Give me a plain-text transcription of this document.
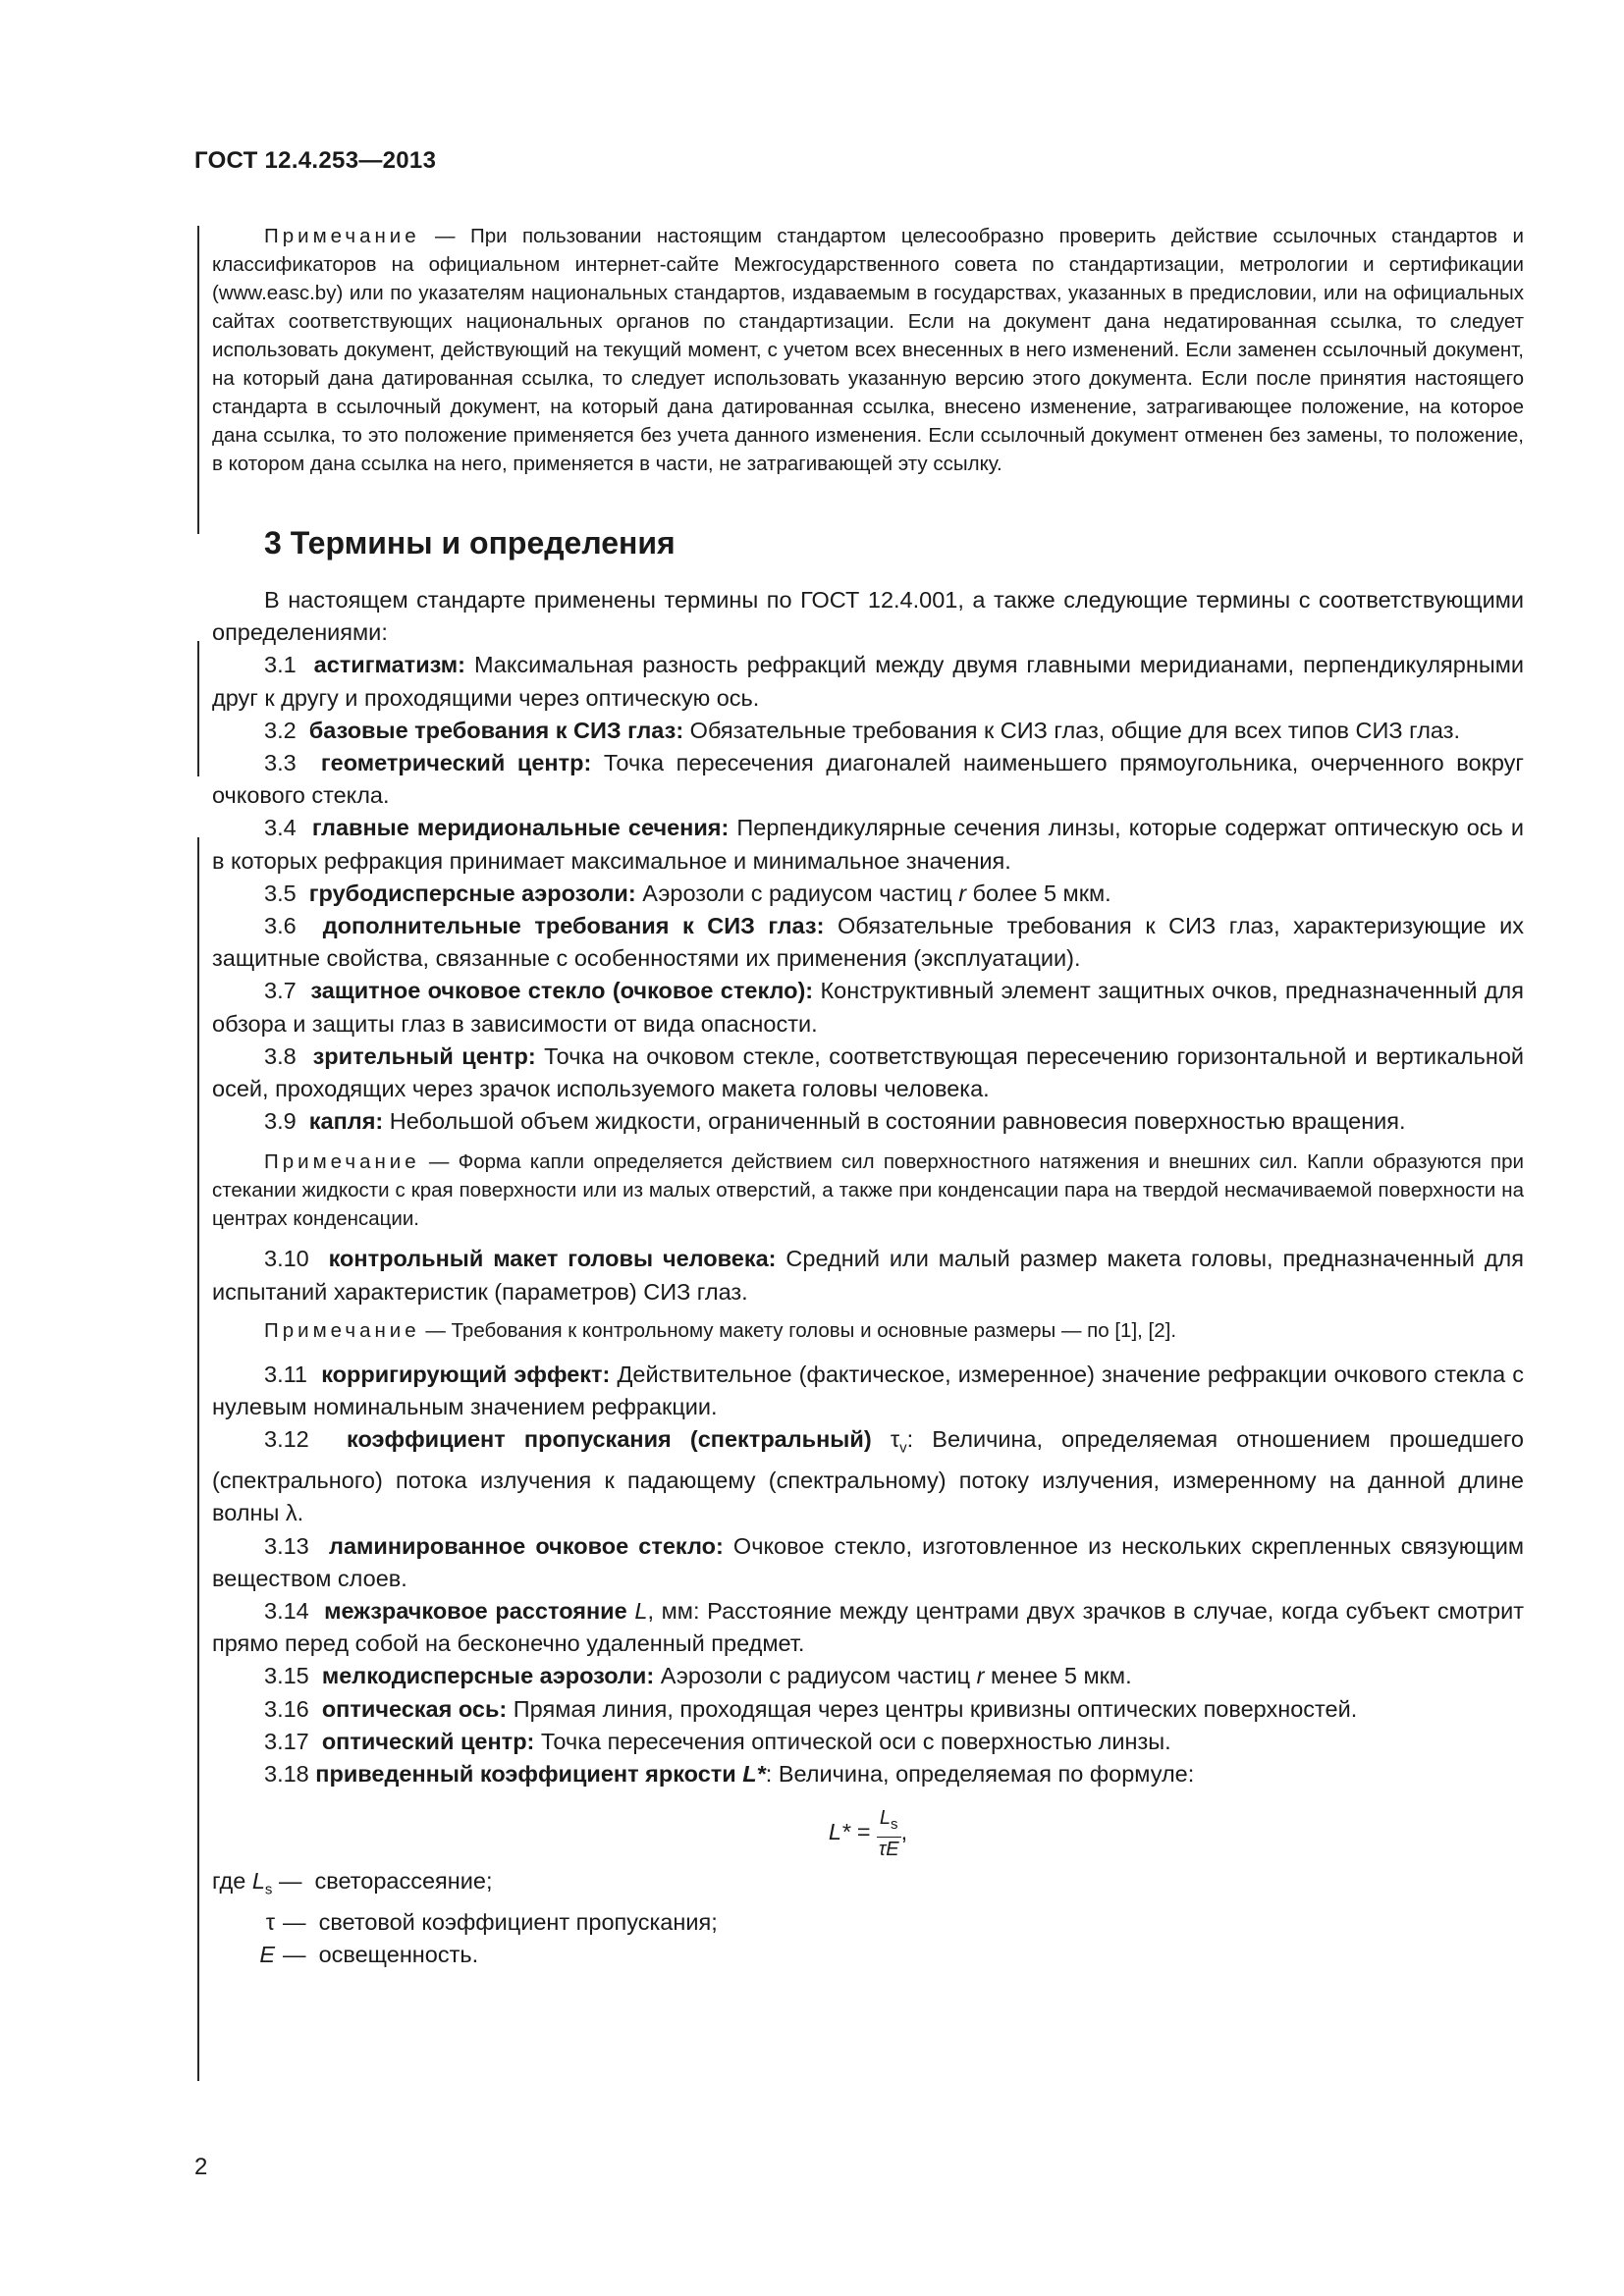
ГОСТ 12.4.253—2013

Примечание — При пользовании настоящим стандартом целесообразно проверить действие ссылочных стандартов и классификаторов на официальном интернет-сайте Межгосударственного совета по стандартизации, метрологии и сертификации (www.easc.by) или по указателям национальных стандартов, издаваемым в государствах, указанных в предисловии, или на официальных сайтах соответствующих национальных органов по стандартизации. Если на документ дана недатированная ссылка, то следует использовать документ, действующий на текущий момент, с учетом всех внесенных в него изменений. Если заменен ссылочный документ, на который дана датированная ссылка, то следует использовать указанную версию этого документа. Если после принятия настоящего стандарта в ссылочный документ, на который дана датированная ссылка, внесено изменение, затрагивающее положение, на которое дана ссылка, то это положение применяется без учета данного изменения. Если ссылочный документ отменен без замены, то положение, в котором дана ссылка на него, применяется в части, не затрагивающей эту ссылку.

3 Термины и определения

В настоящем стандарте применены термины по ГОСТ 12.4.001, а также следующие термины с соответствующими определениями:

3.1 астигматизм: Максимальная разность рефракций между двумя главными меридианами, перпендикулярными друг к другу и проходящими через оптическую ось.

3.2 базовые требования к СИЗ глаз: Обязательные требования к СИЗ глаз, общие для всех типов СИЗ глаз.

3.3 геометрический центр: Точка пересечения диагоналей наименьшего прямоугольника, очерченного вокруг очкового стекла.

3.4 главные меридиональные сечения: Перпендикулярные сечения линзы, которые содержат оптическую ось и в которых рефракция принимает максимальное и минимальное значения.

3.5 грубодисперсные аэрозоли: Аэрозоли с радиусом частиц r более 5 мкм.

3.6 дополнительные требования к СИЗ глаз: Обязательные требования к СИЗ глаз, характеризующие их защитные свойства, связанные с особенностями их применения (эксплуатации).

3.7 защитное очковое стекло (очковое стекло): Конструктивный элемент защитных очков, предназначенный для обзора и защиты глаз в зависимости от вида опасности.

3.8 зрительный центр: Точка на очковом стекле, соответствующая пересечению горизонтальной и вертикальной осей, проходящих через зрачок используемого макета головы человека.

3.9 капля: Небольшой объем жидкости, ограниченный в состоянии равновесия поверхностью вращения.

Примечание — Форма капли определяется действием сил поверхностного натяжения и внешних сил. Капли образуются при стекании жидкости с края поверхности или из малых отверстий, а также при конденсации пара на твердой несмачиваемой поверхности на центрах конденсации.

3.10 контрольный макет головы человека: Средний или малый размер макета головы, предназначенный для испытаний характеристик (параметров) СИЗ глаз.

Примечание — Требования к контрольному макету головы и основные размеры — по [1], [2].

3.11 корригирующий эффект: Действительное (фактическое, измеренное) значение рефракции очкового стекла с нулевым номинальным значением рефракции.

3.12 коэффициент пропускания (спектральный) $\tau_v$: Величина, определяемая отношением прошедшего (спектрального) потока излучения к падающему (спектральному) потоку излучения, измеренному на данной длине волны λ.

3.13 ламинированное очковое стекло: Очковое стекло, изготовленное из нескольких скрепленных связующим веществом слоев.

3.14 межзрачковое расстояние L, мм: Расстояние между центрами двух зрачков в случае, когда субъект смотрит прямо перед собой на бесконечно удаленный предмет.

3.15 мелкодисперсные аэрозоли: Аэрозоли с радиусом частиц r менее 5 мкм.

3.16 оптическая ось: Прямая линия, проходящая через центры кривизны оптических поверхностей.

3.17 оптический центр: Точка пересечения оптической оси с поверхностью линзы.

3.18 приведенный коэффициент яркости L*: Величина, определяемая по формуле:

$L* = \frac{L_s}{\tau E}$ ,

где $L_s$ — светорассеяние;

τ — световой коэффициент пропускания;

E — освещенность.

2
